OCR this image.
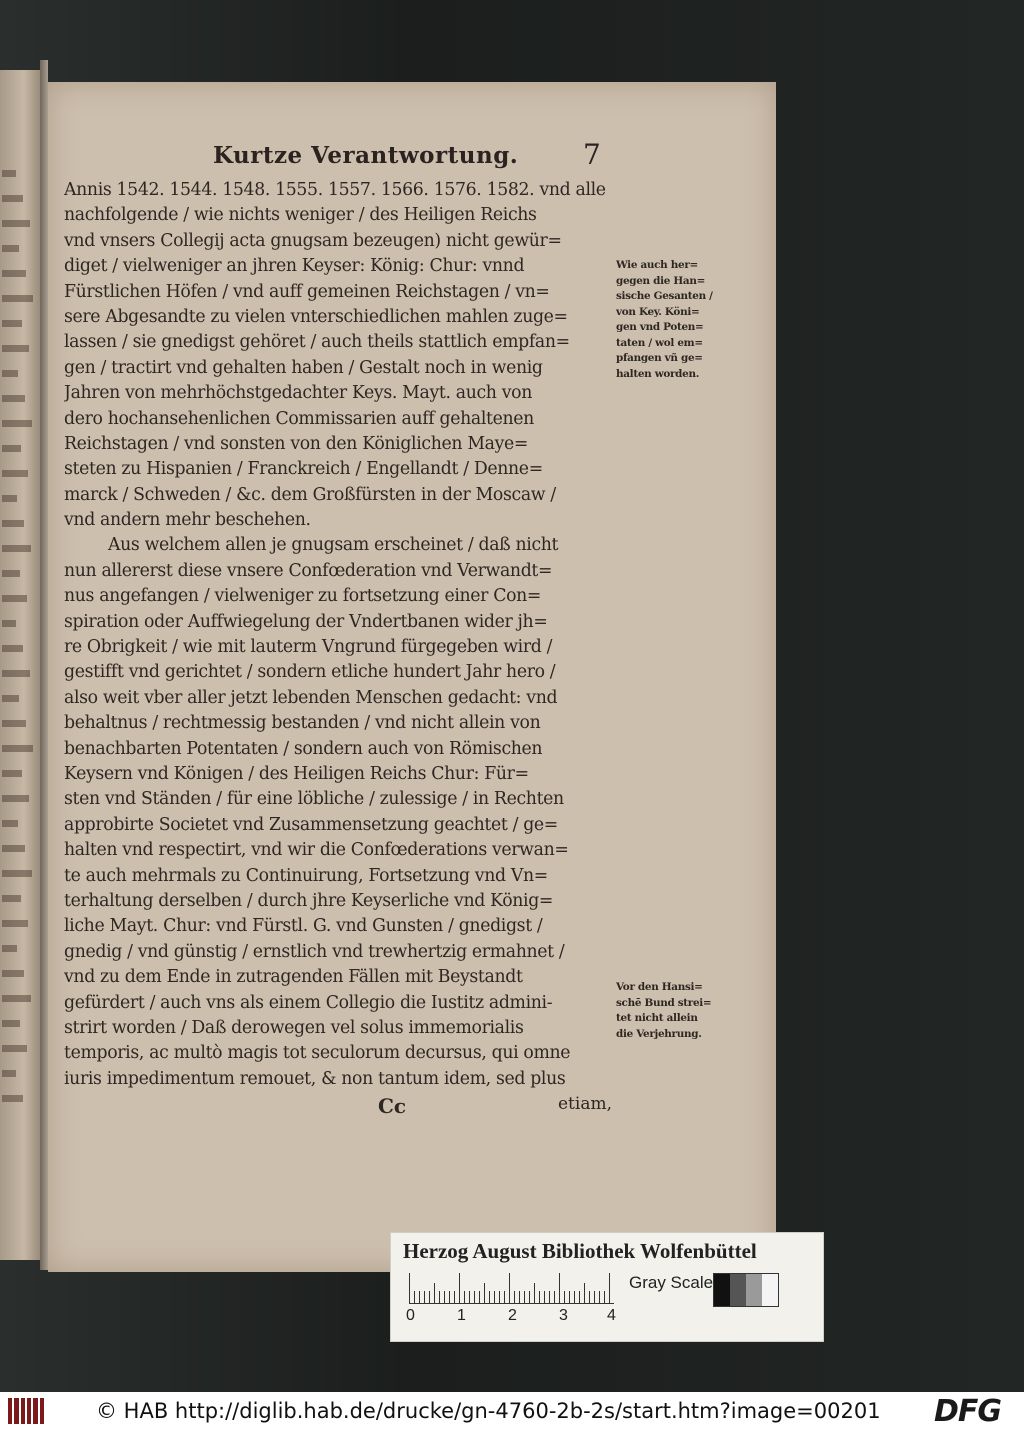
Kurtze Verantwortung. 7
Annis 1542. 1544. 1548. 1555. 1557. 1566. 1576. 1582. vnd alle
nachfolgende / wie nichts weniger / des Heiligen Reichs
vnd vnsers Collegij acta gnugsam bezeugen) nicht gewür=
diget / vielweniger an jhren Keyser: König: Chur: vnnd
Fürstlichen Höfen / vnd auff gemeinen Reichstagen / vn=
sere Abgesandte zu vielen vnterschiedlichen mahlen zuge=
lassen / sie gnedigst gehöret / auch theils stattlich empfan=
gen / tractirt vnd gehalten haben / Gestalt noch in wenig
Jahren von mehrhöchstgedachter Keys. Mayt. auch von
dero hochansehenlichen Commissarien auff gehaltenen
Reichstagen / vnd sonsten von den Königlichen Maye=
steten zu Hispanien / Franckreich / Engellandt / Denne=
marck / Schweden / &c. dem Großfürsten in der Moscaw /
vnd andern mehr beschehen.
Aus welchem allen je gnugsam erscheinet / daß nicht
nun allererst diese vnsere Confœderation vnd Verwandt=
nus angefangen / vielweniger zu fortsetzung einer Con=
spiration oder Auffwiegelung der Vndertbanen wider jh=
re Obrigkeit / wie mit lauterm Vngrund fürgegeben wird /
gestifft vnd gerichtet / sondern etliche hundert Jahr hero /
also weit vber aller jetzt lebenden Menschen gedacht: vnd
behaltnus / rechtmessig bestanden / vnd nicht allein von
benachbarten Potentaten / sondern auch von Römischen
Keysern vnd Königen / des Heiligen Reichs Chur: Für=
sten vnd Ständen / für eine löbliche / zulessige / in Rechten
approbirte Societet vnd Zusammensetzung geachtet / ge=
halten vnd respectirt, vnd wir die Confœderations verwan=
te auch mehrmals zu Continuirung, Fortsetzung vnd Vn=
terhaltung derselben / durch jhre Keyserliche vnd König=
liche Mayt. Chur: vnd Fürstl. G. vnd Gunsten / gnedigst /
gnedig / vnd günstig / ernstlich vnd trewhertzig ermahnet /
vnd zu dem Ende in zutragenden Fällen mit Beystandt
gefürdert / auch vns als einem Collegio die Iustitz admini-
strirt worden / Daß derowegen vel solus immemorialis
temporis, ac multò magis tot seculorum decursus, qui omne
iuris impedimentum remouet, & non tantum idem, sed plus
Wie auch her=
gegen die Han=
sische Gesanten /
von Key. Köni=
gen vnd Poten=
taten / wol em=
pfangen vñ ge=
halten worden.
Vor den Hansi=
schē Bund strei=
tet nicht allein
die Verjehrung.
Cc	etiam,
Herzog August Bibliothek Wolfenbüttel
0	1	2	3 4
Gray Scale
© HAB http://diglib.hab.de/drucke/gn-4760-2b-2s/start.htm?image=00201 DFG
